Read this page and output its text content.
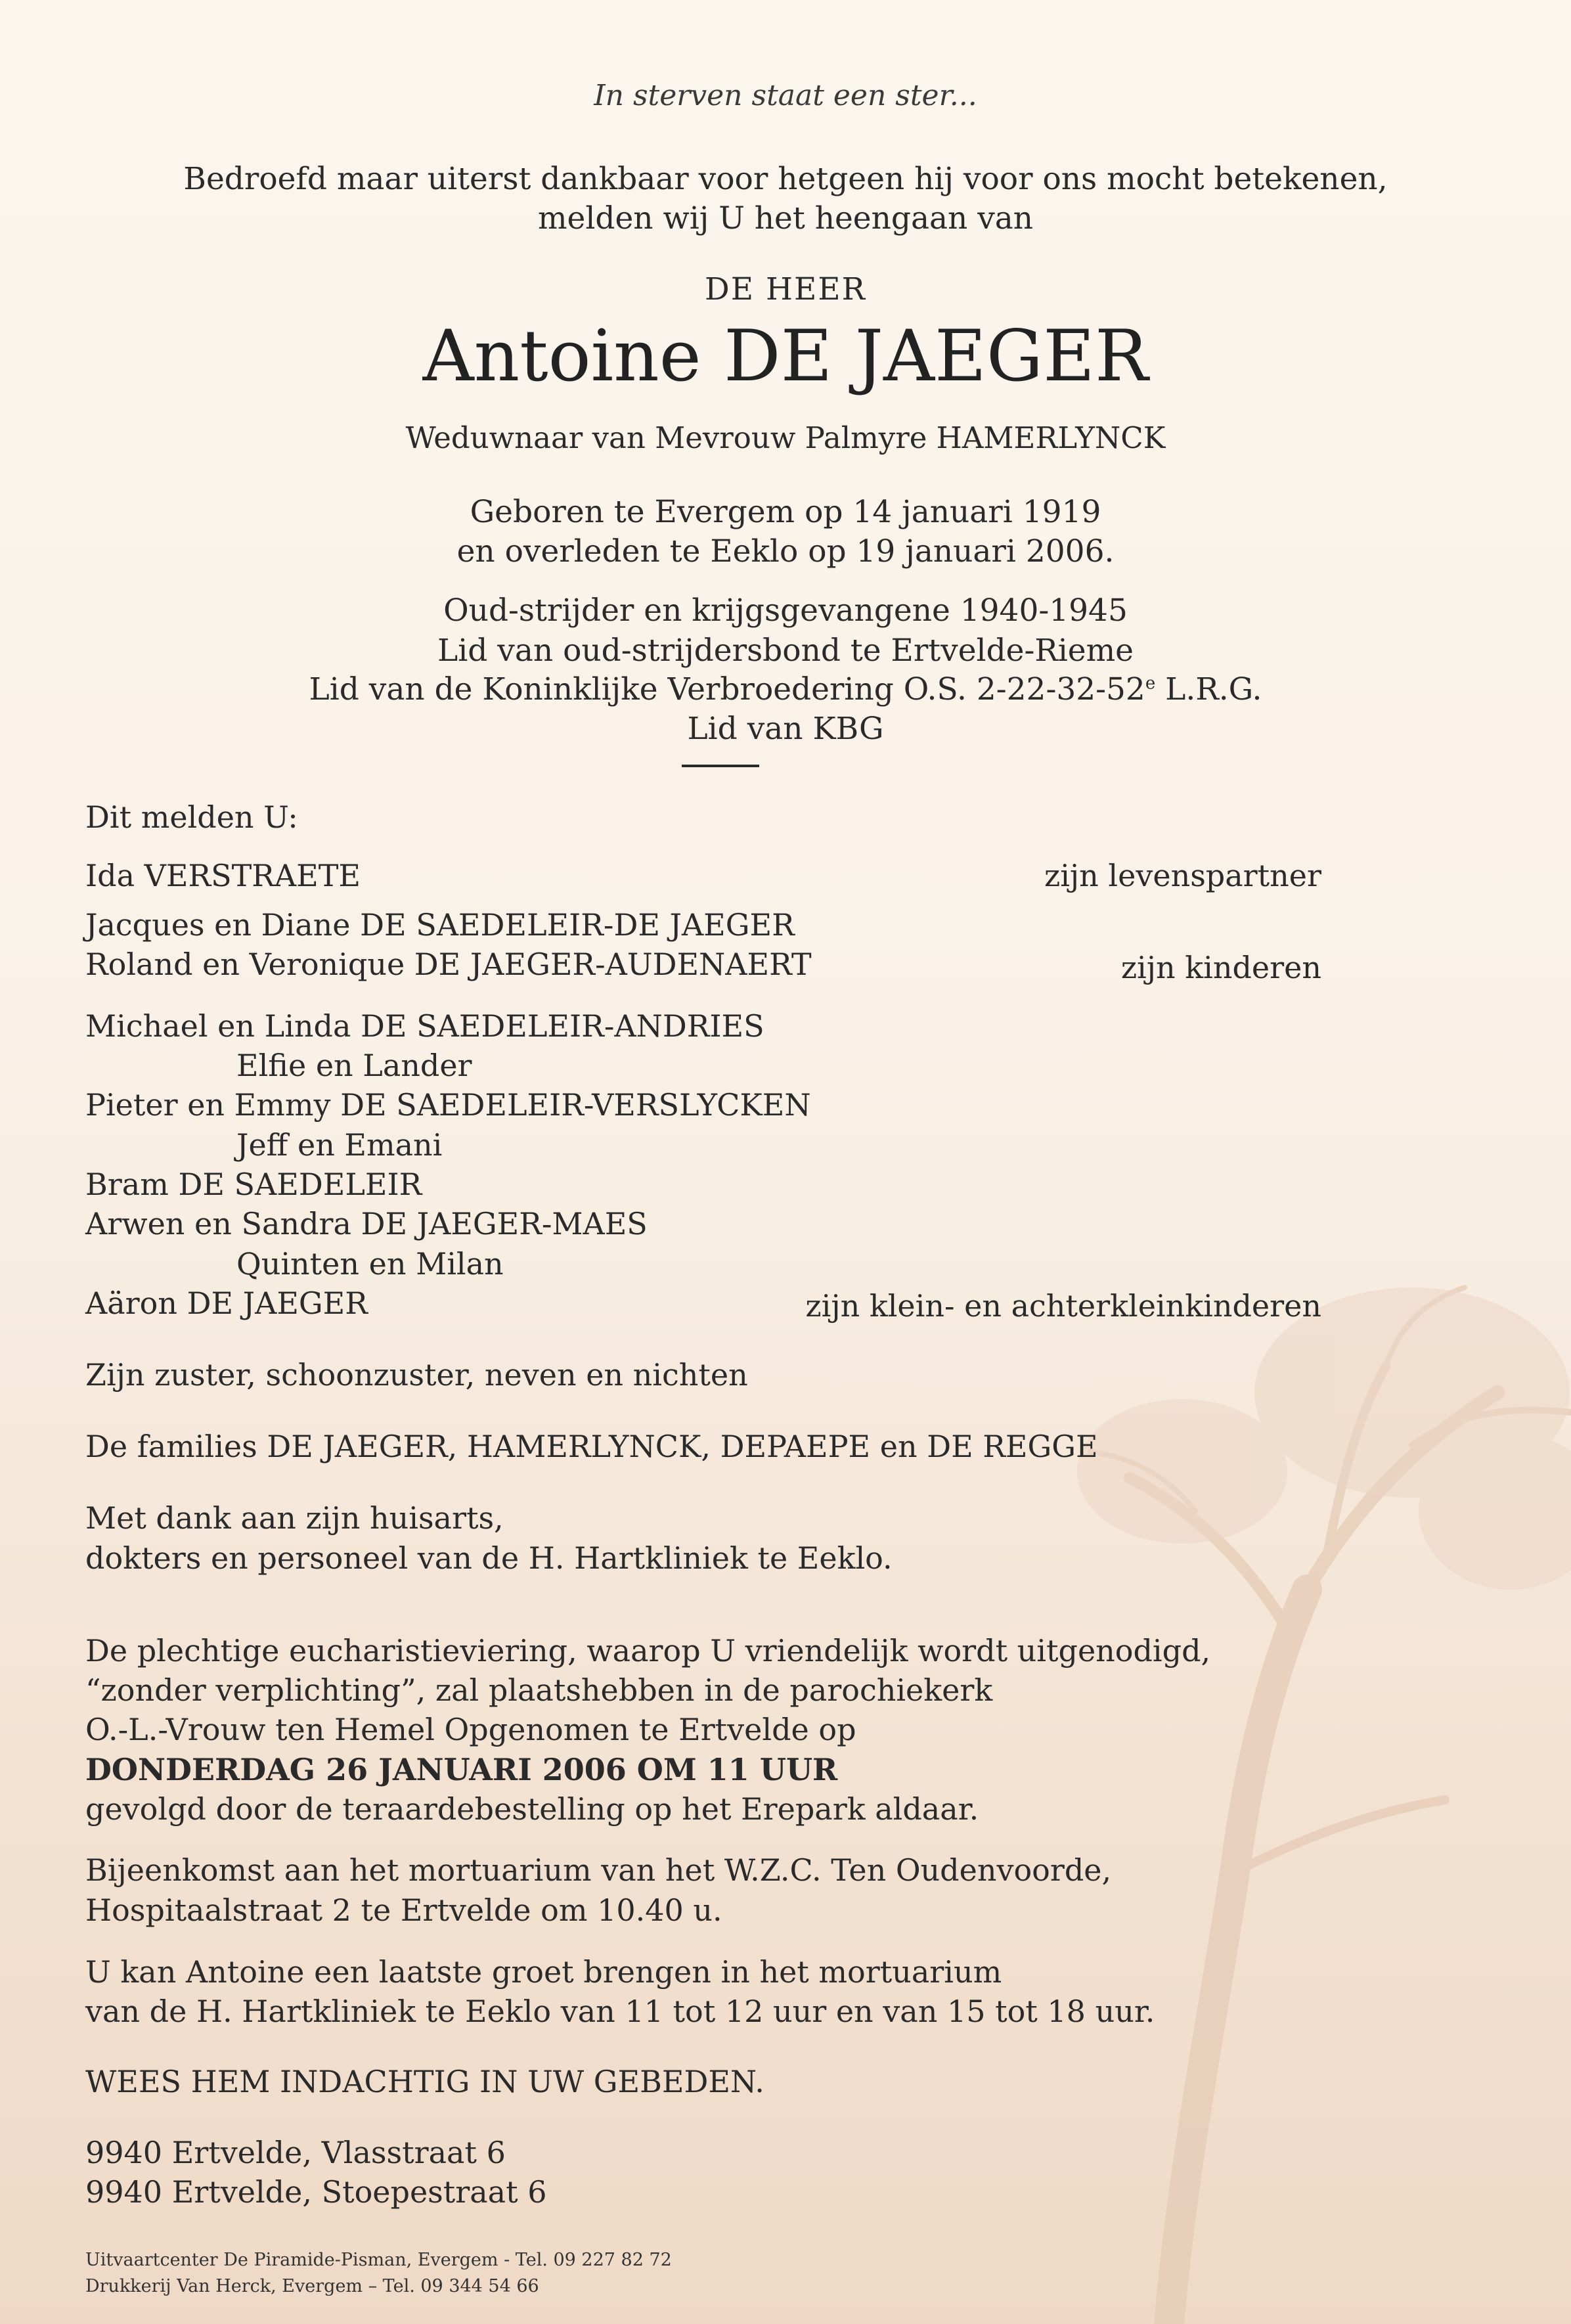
In sterven staat een ster...
Bedroefd maar uiterst dankbaar voor hetgeen hij voor ons mocht betekenen,
melden wij U het heengaan van
DE HEER
Antoine DE JAEGER
Weduwnaar van Mevrouw Palmyre HAMERLYNCK
Geboren te Evergem op 14 januari 1919
en overleden te Eeklo op 19 januari 2006.
Oud-strijder en krijgsgevangene 1940-1945
Lid van oud-strijdersbond te Ertvelde-Rieme
Lid van de Koninklijke Verbroedering O.S. 2-22-32-52e L.R.G.
Lid van KBG
Dit melden U:
Ida VERSTRAETE	zijn levenspartner
Jacques en Diane DE SAEDELEIR-DE JAEGER
Roland en Veronique DE JAEGER-AUDENAERT	zijn kinderen
Michael en Linda DE SAEDELEIR-ANDRIES
Elfie en Lander
Pieter en Emmy DE SAEDELEIR-VERSLYCKEN
Jeff en Emani
Bram DE SAEDELEIR
Arwen en Sandra DE JAEGER-MAES
Quinten en Milan
Aäron DE JAEGER	zijn klein- en achterkleinkinderen
Zijn zuster, schoonzuster, neven en nichten
De families DE JAEGER, HAMERLYNCK, DEPAEPE en DE REGGE
Met dank aan zijn huisarts,
dokters en personeel van de H. Hartkliniek te Eeklo.
De plechtige eucharistieviering, waarop U vriendelijk wordt uitgenodigd,
“zonder verplichting”, zal plaatshebben in de parochiekerk
O.-L.-Vrouw ten Hemel Opgenomen te Ertvelde op
DONDERDAG 26 JANUARI 2006 OM 11 UUR
gevolgd door de teraardebestelling op het Erepark aldaar.
Bijeenkomst aan het mortuarium van het W.Z.C. Ten Oudenvoorde,
Hospitaalstraat 2 te Ertvelde om 10.40 u.
U kan Antoine een laatste groet brengen in het mortuarium
van de H. Hartkliniek te Eeklo van 11 tot 12 uur en van 15 tot 18 uur.
WEES HEM INDACHTIG IN UW GEBEDEN.
9940 Ertvelde, Vlasstraat 6
9940 Ertvelde, Stoepestraat 6
Uitvaartcenter De Piramide-Pisman, Evergem - Tel. 09 227 82 72
Drukkerij Van Herck, Evergem – Tel. 09 344 54 66
